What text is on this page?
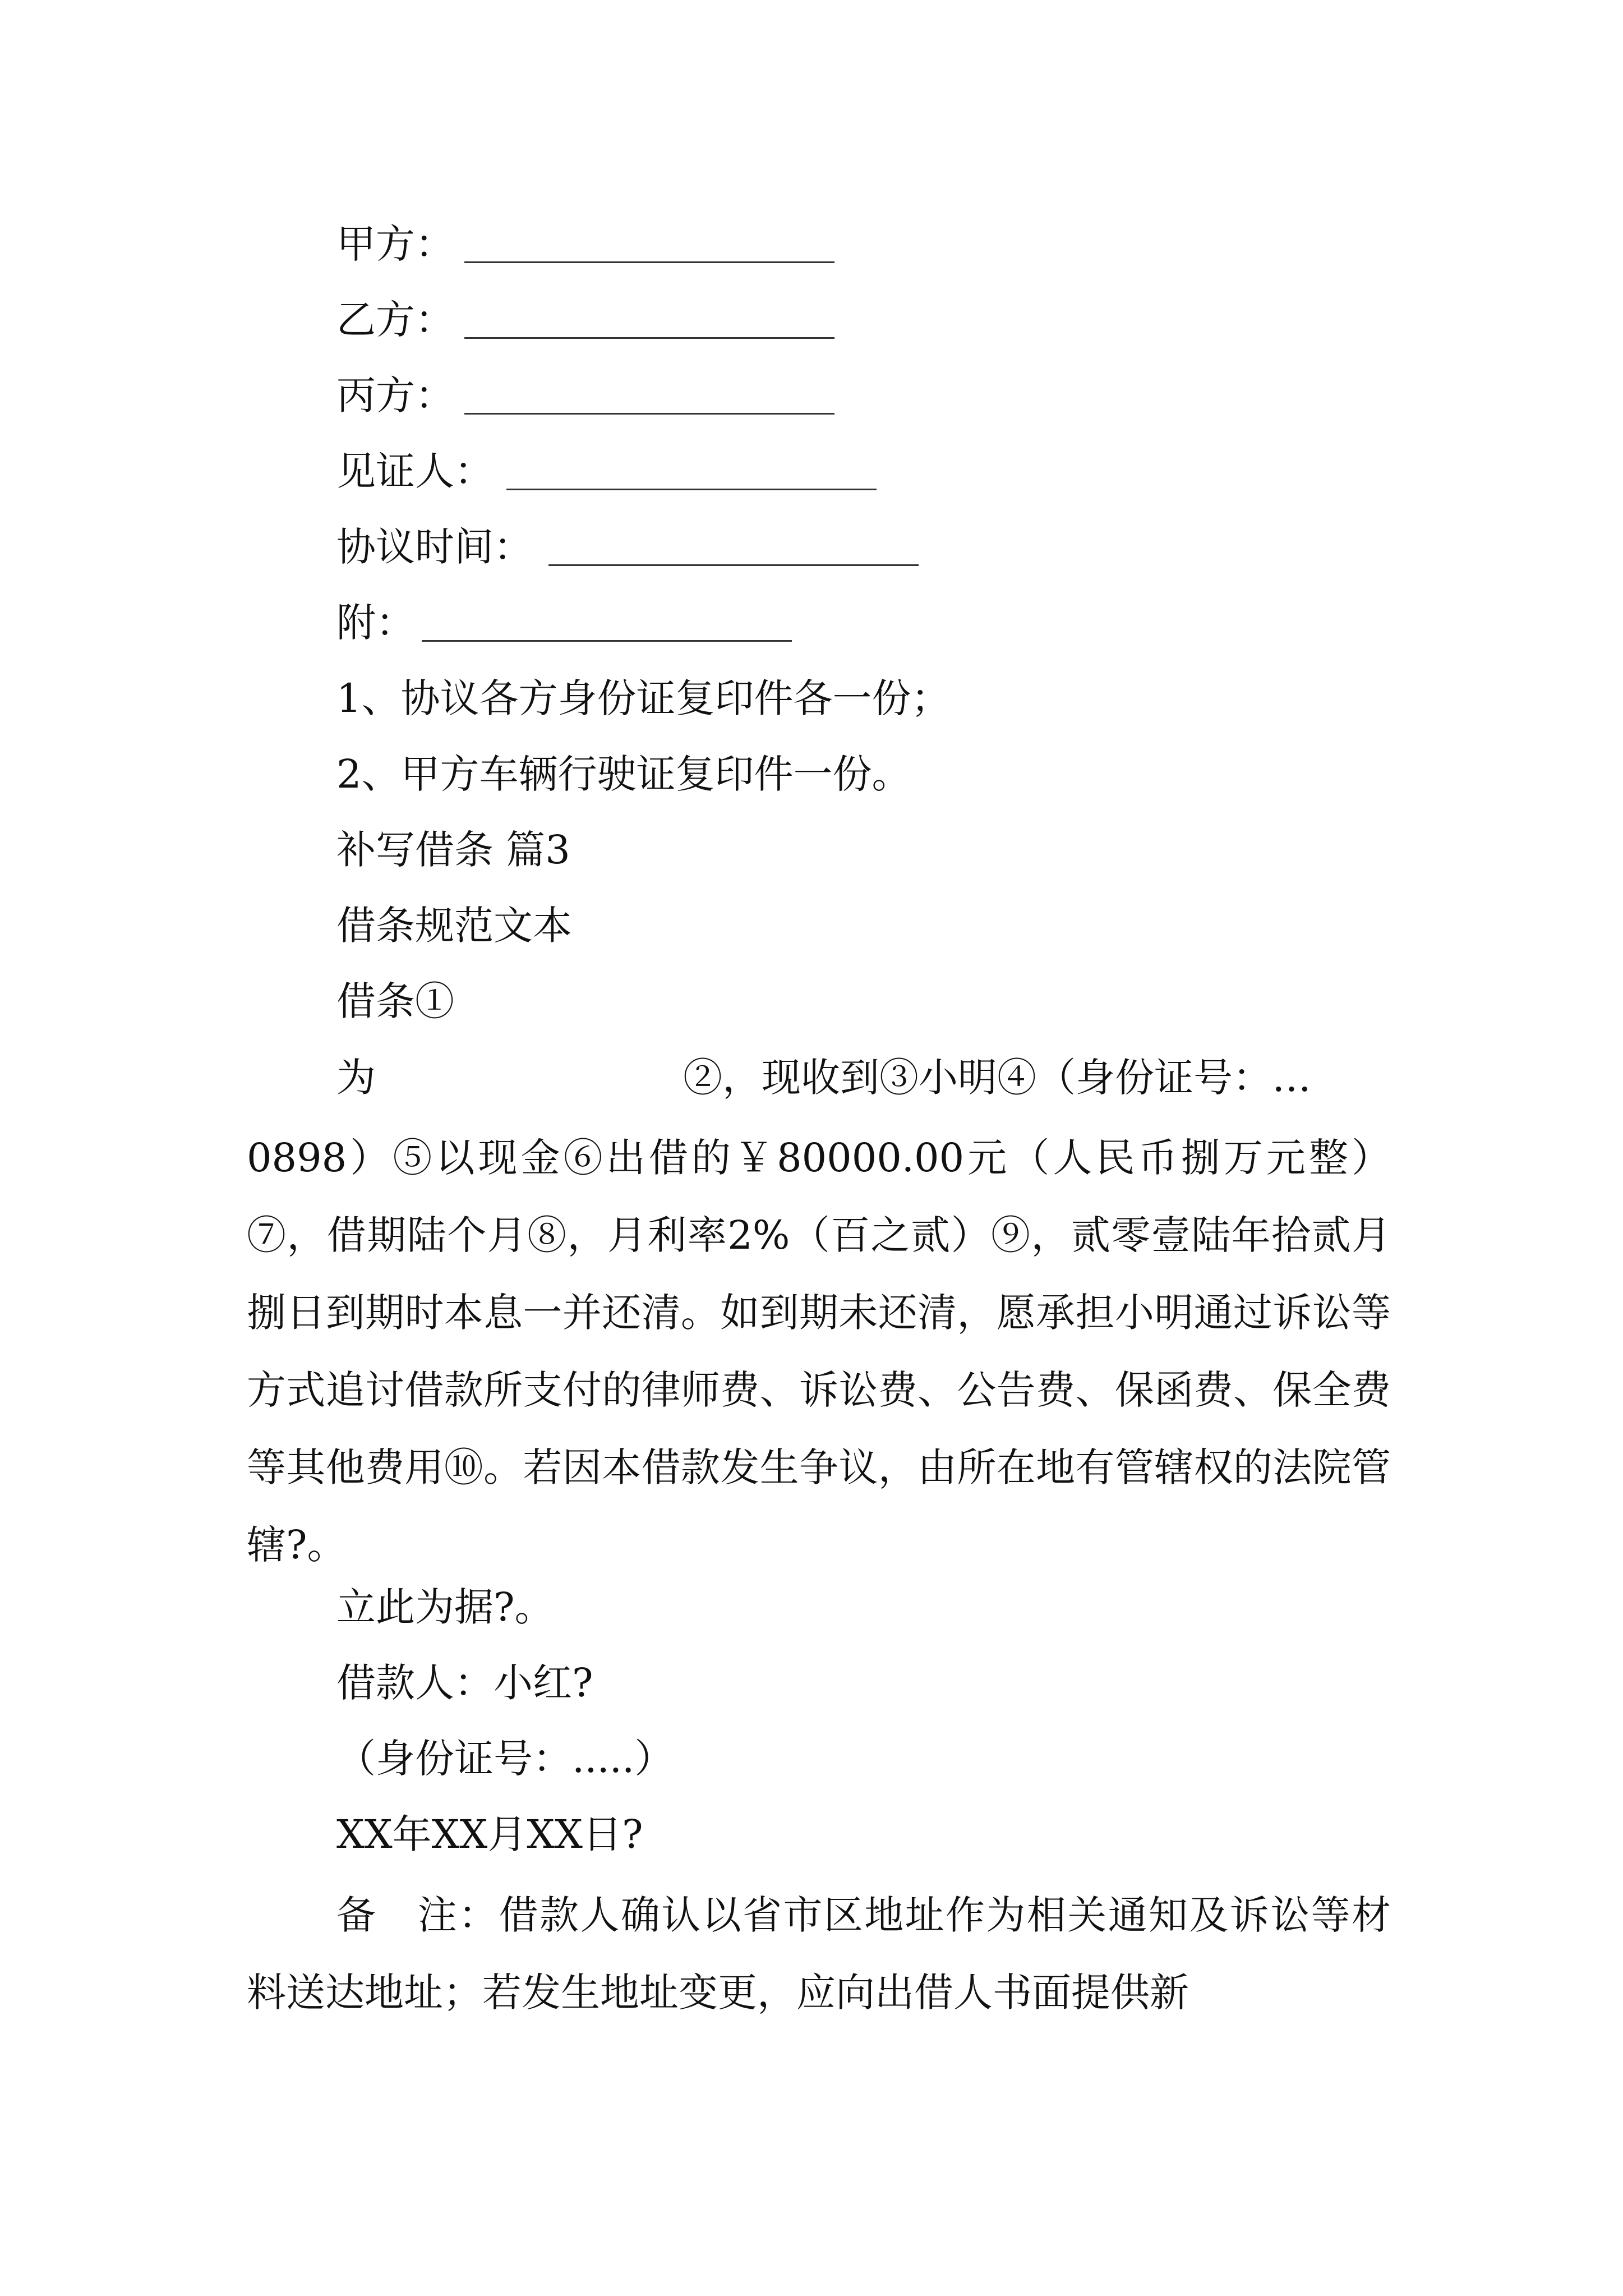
甲方：
乙方：
丙方：
见证人：
协议时间：
附：
1、协议各方身份证复印件各一份；
2、甲方车辆行驶证复印件一份。
补写借条 篇3
借条规范文本
借条①
为	②，现收到③小明④（身份证号：…
0898）⑤以现金⑥出借的￥80000.00元（人民币捌万元整）⑦，借期陆个月⑧，月利率2%（百之贰）⑨，贰零壹陆年拾贰月捌日到期时本息一并还清。如到期未还清，愿承担小明通过诉讼等方式追讨借款所支付的律师费、诉讼费、公告费、保函费、保全费等其他费用⑩。若因本借款发生争议，由所在地有管辖权的法院管辖?。
立此为据?。
借款人：小红?
（身份证号：.....）
XX年XX月XX日?
备　注：借款人确认以省市区地址作为相关通知及诉讼等材料送达地址；若发生地址变更，应向出借人书面提供新
